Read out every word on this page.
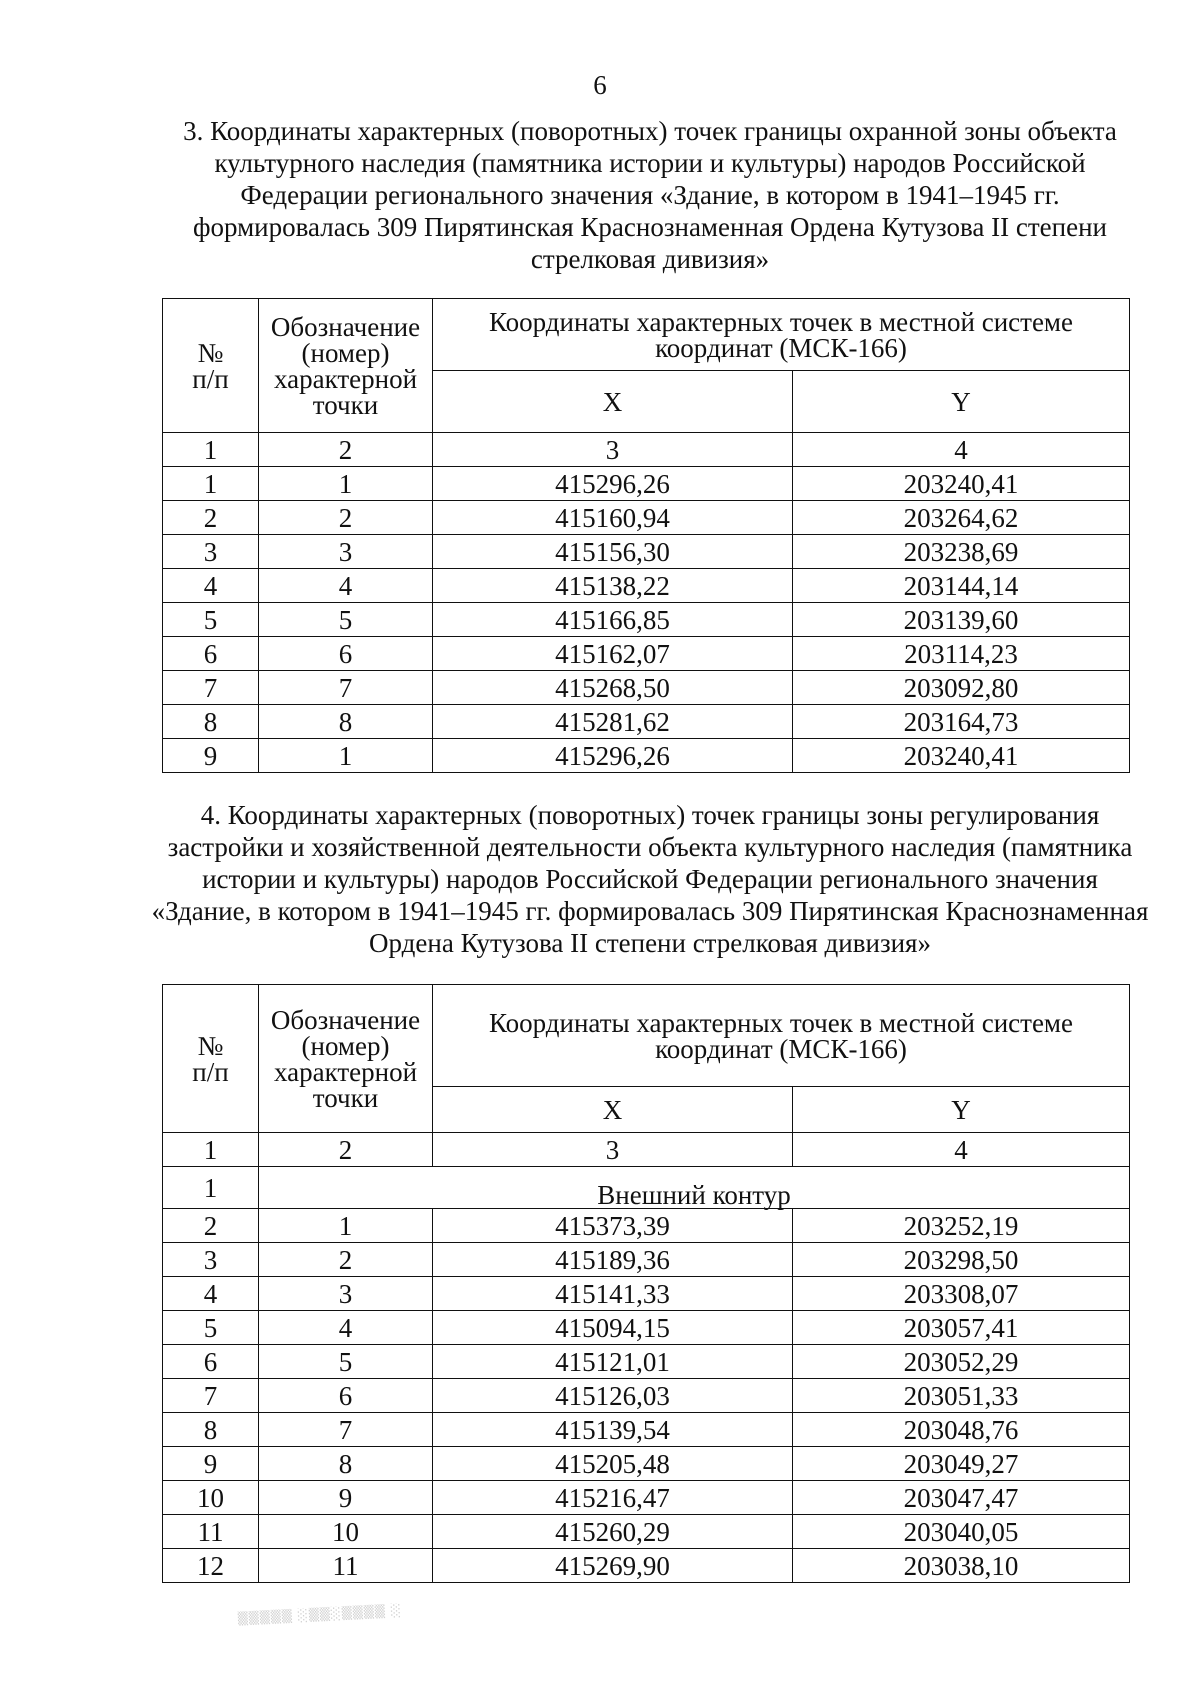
6
3. Координаты характерных (поворотных) точек границы охранной зоны объекта культурного наследия (памятника истории и культуры) народов Российской Федерации регионального значения «Здание, в котором в 1941–1945 гг. формировалась 309 Пирятинская Краснознаменная Ордена Кутузова II степени стрелковая дивизия»
№
п/п	Обозначение (номер) характерной точки	Координаты характерных точек в местной системе координат (МСК-166)	
		X	Y
1	2	3	4
1	1	415296,26	203240,41
2	2	415160,94	203264,62
3	3	415156,30	203238,69
4	4	415138,22	203144,14
5	5	415166,85	203139,60
6	6	415162,07	203114,23
7	7	415268,50	203092,80
8	8	415281,62	203164,73
9	1	415296,26	203240,41
4. Координаты характерных (поворотных) точек границы зоны регулирования застройки и хозяйственной деятельности объекта культурного наследия (памятника истории и культуры) народов Российской Федерации регионального значения «Здание, в котором в 1941–1945 гг. формировалась 309 Пирятинская Краснознаменная Ордена Кутузова II степени стрелковая дивизия»
№
п/п	Обозначение (номер) характерной точки	Координаты характерных точек в местной системе координат (МСК-166)	
		X	Y
1	2	3	4
1	Внешний контур		
2	1	415373,39	203252,19
3	2	415189,36	203298,50
4	3	415141,33	203308,07
5	4	415094,15	203057,41
6	5	415121,01	203052,29
7	6	415126,03	203051,33
8	7	415139,54	203048,76
9	8	415205,48	203049,27
10	9	415216,47	203047,47
11	10	415260,29	203040,05
12	11	415269,90	203038,10
▒▒▒▒▒ ░▒▒░▒▒▒▒ ░
